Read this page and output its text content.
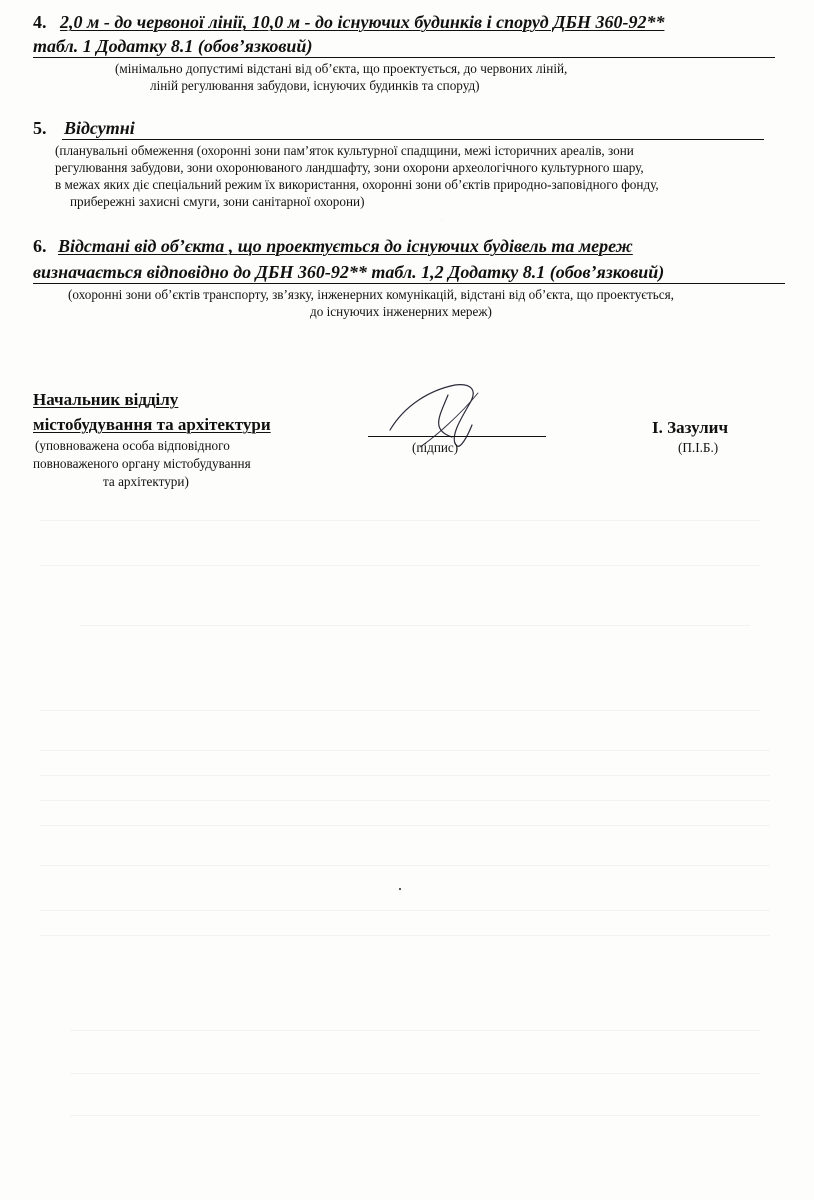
4. 2,0 м - до червоної лінії, 10,0 м - до існуючих будинків і споруд ДБН 360-92**
табл. 1 Додатку 8.1 (обов’язковий)
(мінімально допустимі відстані від об’єкта, що проектується, до червоних ліній,
ліній регулювання забудови, існуючих будинків та споруд)
5. Відсутні
(планувальні обмеження (охоронні зони пам’яток культурної спадщини, межі історичних ареалів, зони
регулювання забудови, зони охоронюваного ландшафту, зони охорони археологічного культурного шару,
в межах яких діє спеціальний режим їх використання, охоронні зони об’єктів природно-заповідного фонду,
прибережні захисні смуги, зони санітарної охорони)
6. Відстані від об’єкта , що проектується до існуючих будівель та мереж
визначається відповідно до ДБН 360-92** табл. 1,2 Додатку 8.1 (обов’язковий)
(охоронні зони об’єктів транспорту, зв’язку, інженерних комунікацій, відстані від об’єкта, що проектується,
до існуючих інженерних мереж)
Начальник відділу
містобудування та архітектури
(уповноважена особа відповідного
повноваженого органу містобудування
та архітектури)
(підпис)
І. Зазулич
(П.І.Б.)
